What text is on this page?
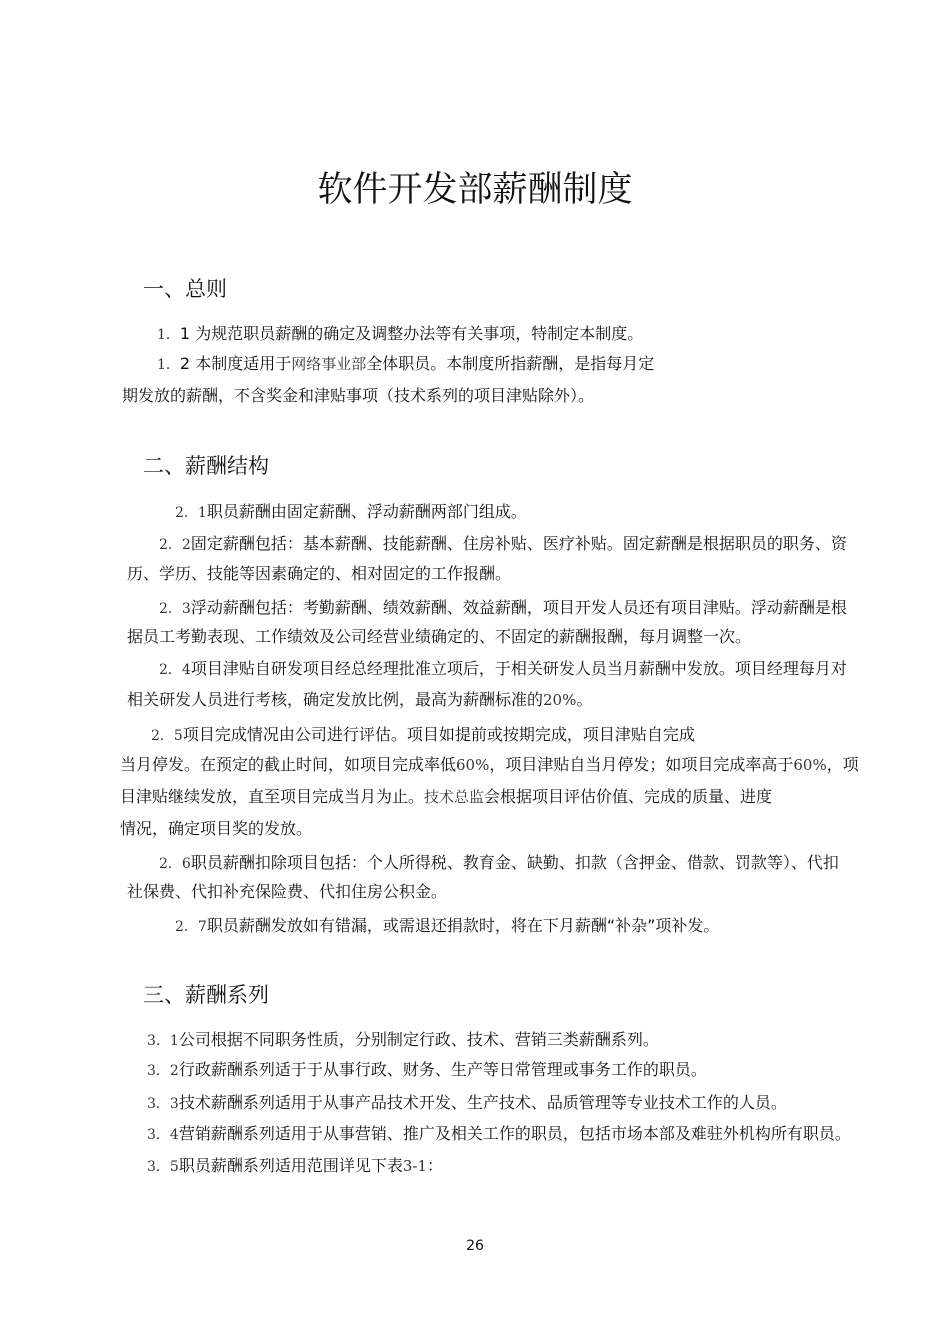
软件开发部薪酬制度
一、总则
1．1 为规范职员薪酬的确定及调整办法等有关事项，特制定本制度。
1．2 本制度适用于网络事业部全体职员。本制度所指薪酬，是指每月定
期发放的薪酬，不含奖金和津贴事项（技术系列的项目津贴除外）。
二、薪酬结构
2．1职员薪酬由固定薪酬、浮动薪酬两部门组成。
2．2固定薪酬包括：基本薪酬、技能薪酬、住房补贴、医疗补贴。固定薪酬是根据职员的职务、资
历、学历、技能等因素确定的、相对固定的工作报酬。
2．3浮动薪酬包括：考勤薪酬、绩效薪酬、效益薪酬，项目开发人员还有项目津贴。浮动薪酬是根
据员工考勤表现、工作绩效及公司经营业绩确定的、不固定的薪酬报酬，每月调整一次。
2．4项目津贴自研发项目经总经理批准立项后，于相关研发人员当月薪酬中发放。项目经理每月对
相关研发人员进行考核，确定发放比例，最高为薪酬标准的20%。
2．5项目完成情况由公司进行评估。项目如提前或按期完成，项目津贴自完成
当月停发。在预定的截止时间，如项目完成率低60%，项目津贴自当月停发；如项目完成率高于60%，项
目津贴继续发放，直至项目完成当月为止。技术总监会根据项目评估价值、完成的质量、进度
情况，确定项目奖的发放。
2．6职员薪酬扣除项目包括：个人所得税、教育金、缺勤、扣款（含押金、借款、罚款等）、代扣
社保费、代扣补充保险费、代扣住房公积金。
2．7职员薪酬发放如有错漏，或需退还捐款时，将在下月薪酬“补杂”项补发。
三、薪酬系列
3．1公司根据不同职务性质，分别制定行政、技术、营销三类薪酬系列。
3．2行政薪酬系列适于于从事行政、财务、生产等日常管理或事务工作的职员。
3．3技术薪酬系列适用于从事产品技术开发、生产技术、品质管理等专业技术工作的人员。
3．4营销薪酬系列适用于从事营销、推广及相关工作的职员，包括市场本部及难驻外机构所有职员。
3．5职员薪酬系列适用范围详见下表3-1：
26
